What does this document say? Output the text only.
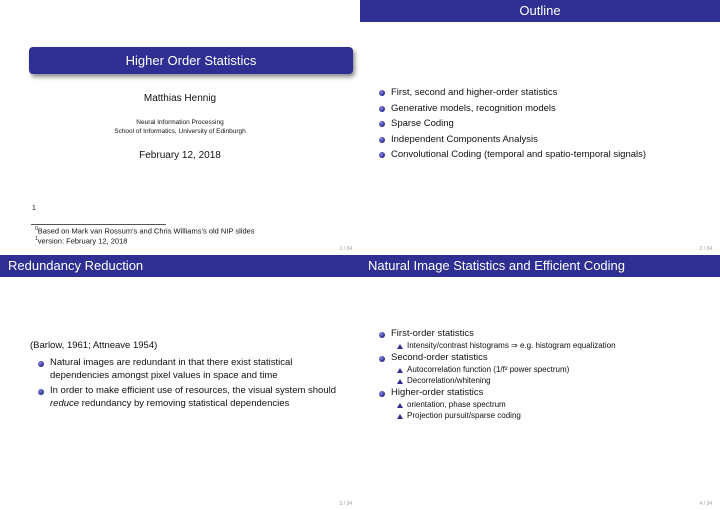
Higher Order Statistics
Matthias Hennig
Neural Information Processing
School of Informatics, University of Edinburgh
February 12, 2018
1
$^0$Based on Mark van Rossum’s and Chris Williams’s old NIP slides
$^1$version: February 12, 2018
1 / 34
Outline
First, second and higher-order statistics
Generative models, recognition models
Sparse Coding
Independent Components Analysis
Convolutional Coding (temporal and spatio-temporal signals)
2 / 34
Redundancy Reduction
(Barlow, 1961; Attneave 1954)
Natural images are redundant in that there exist statistical dependencies amongst pixel values in space and time
In order to make efficient use of resources, the visual system should reduce redundancy by removing statistical dependencies
3 / 34
Natural Image Statistics and Efficient Coding
First-order statistics
Intensity/contrast histograms ⇒ e.g. histogram equalization
Second-order statistics
Autocorrelation function (1/f² power spectrum)
Decorrelation/whitening
Higher-order statistics
orientation, phase spectrum
Projection pursuit/sparse coding
4 / 34
